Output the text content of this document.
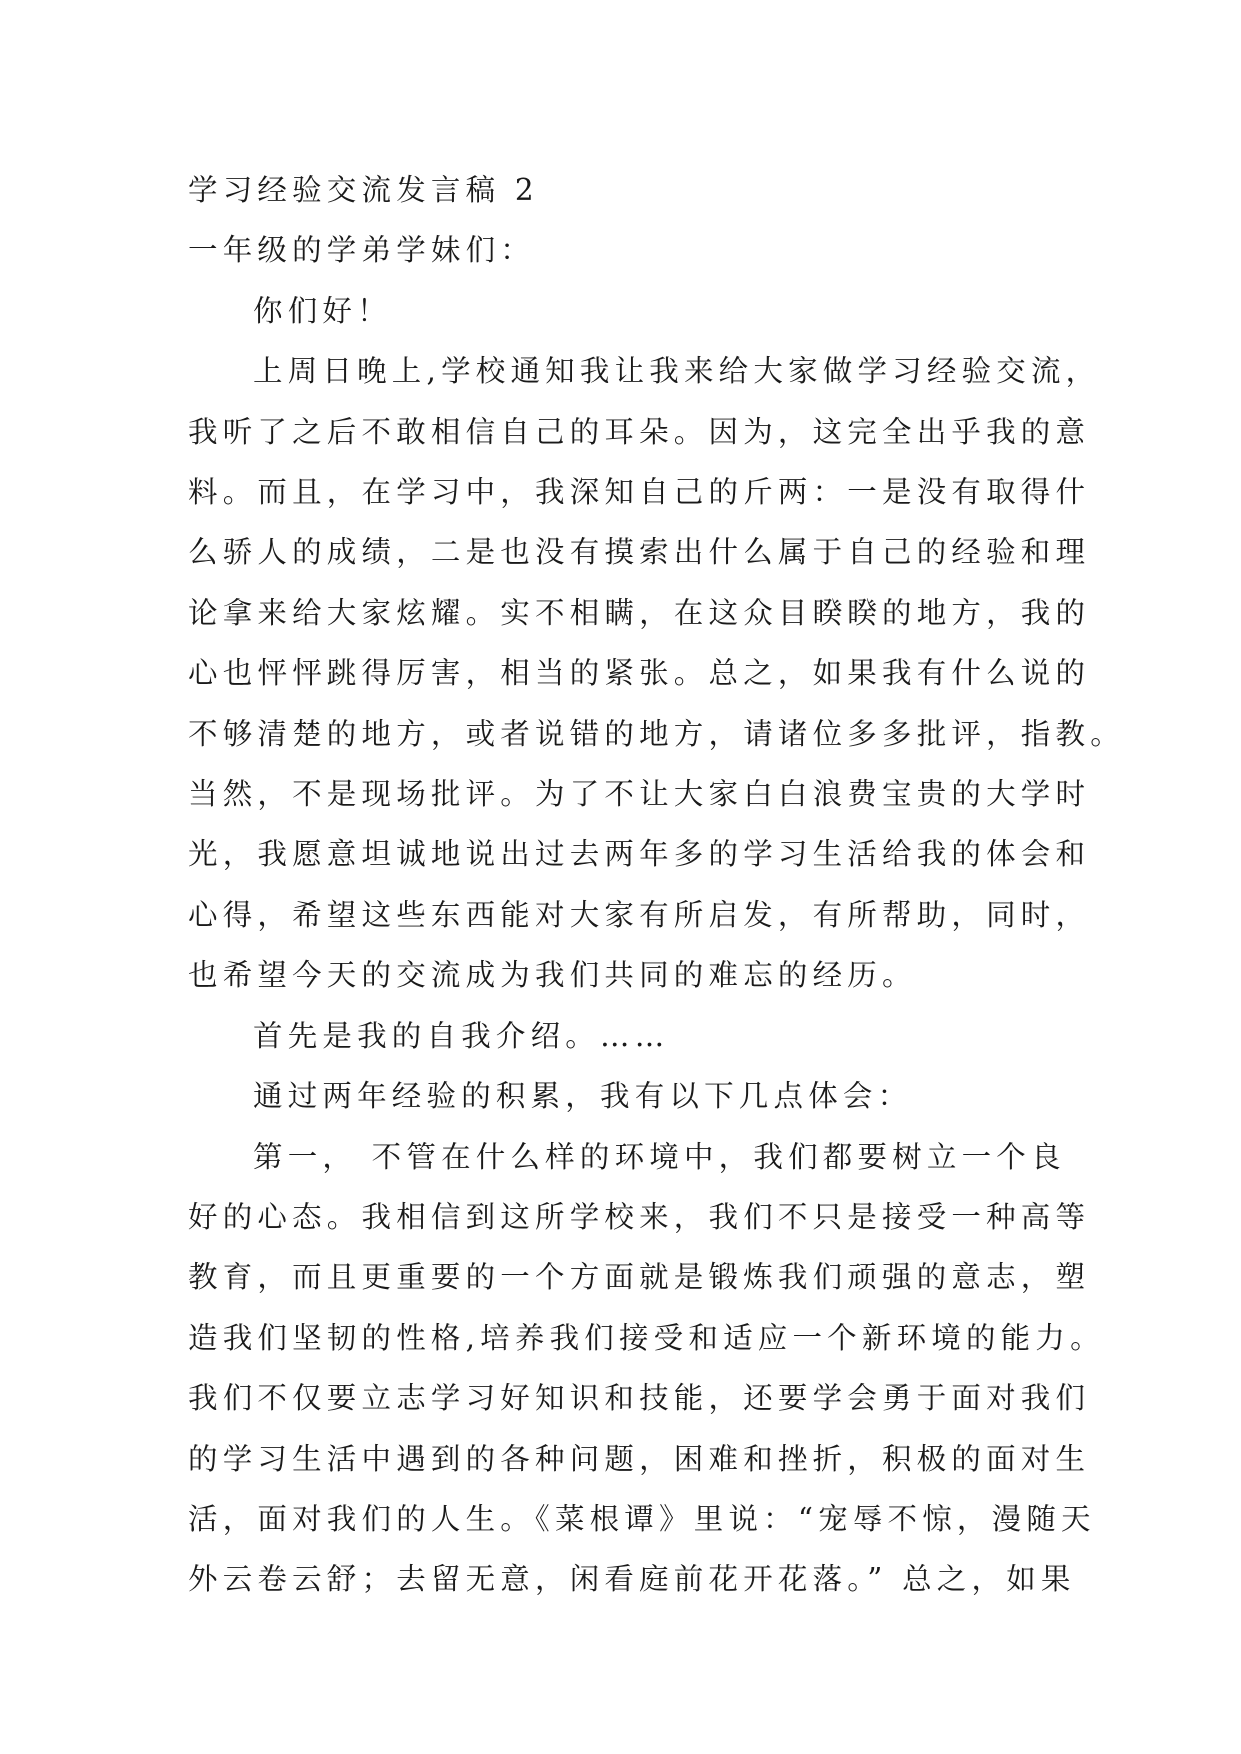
学习经验交流发言稿 2

一年级的学弟学妹们：

你们好！

上周日晚上,学校通知我让我来给大家做学习经验交流，

我听了之后不敢相信自己的耳朵。因为，这完全出乎我的意

料。而且，在学习中，我深知自己的斤两：一是没有取得什

么骄人的成绩，二是也没有摸索出什么属于自己的经验和理

论拿来给大家炫耀。实不相瞒，在这众目睽睽的地方，我的

心也怦怦跳得厉害，相当的紧张。总之，如果我有什么说的

不够清楚的地方，或者说错的地方，请诸位多多批评，指教。

当然，不是现场批评。为了不让大家白白浪费宝贵的大学时

光，我愿意坦诚地说出过去两年多的学习生活给我的体会和

心得，希望这些东西能对大家有所启发，有所帮助，同时，

也希望今天的交流成为我们共同的难忘的经历。

首先是我的自我介绍。……

通过两年经验的积累，我有以下几点体会：

第一， 不管在什么样的环境中，我们都要树立一个良

好的心态。我相信到这所学校来，我们不只是接受一种高等

教育，而且更重要的一个方面就是锻炼我们顽强的意志，塑

造我们坚韧的性格,培养我们接受和适应一个新环境的能力。

我们不仅要立志学习好知识和技能，还要学会勇于面对我们

的学习生活中遇到的各种问题，困难和挫折，积极的面对生

活，面对我们的人生。《菜根谭》里说：“宠辱不惊，漫随天

外云卷云舒；去留无意，闲看庭前花开花落。” 总之，如果
